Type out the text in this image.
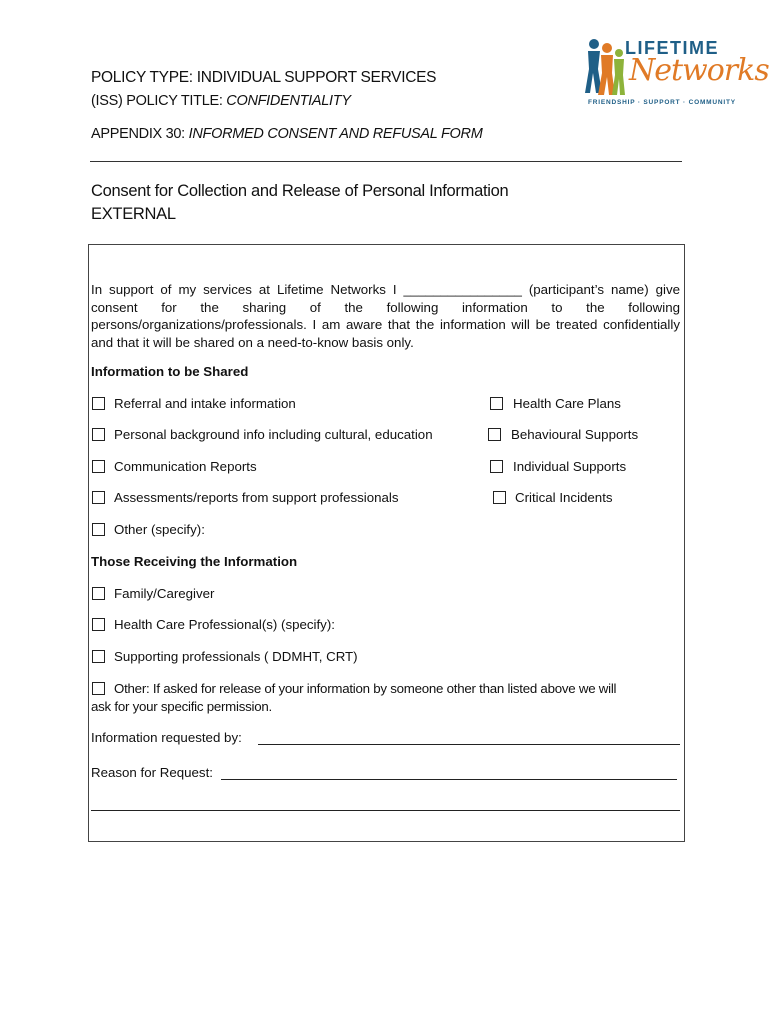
POLICY TYPE: INDIVIDUAL SUPPORT SERVICES
(ISS) POLICY TITLE: CONFIDENTIALITY
APPENDIX 30: INFORMED CONSENT AND REFUSAL FORM
LIFETIME
Networks
FRIENDSHIP · SUPPORT · COMMUNITY
Consent for Collection and Release of Personal Information
EXTERNAL
In support of my services at Lifetime Networks I ________________ (participant’s name) give consent for the sharing of the following information to the following persons/organizations/professionals. I am aware that the information will be treated confidentially and that it will be shared on a need-to-know basis only.
Information to be Shared
Referral and intake information
Personal background info including cultural, education
Communication Reports
Assessments/reports from support professionals
Other (specify):
Health Care Plans
Behavioural Supports
Individual Supports
Critical Incidents
Those Receiving the Information
Family/Caregiver
Health Care Professional(s) (specify):
Supporting professionals ( DDMHT, CRT)
Other: If asked for release of your information by someone other than listed above we will
ask for your specific permission.
Information requested by:
Reason for Request:
